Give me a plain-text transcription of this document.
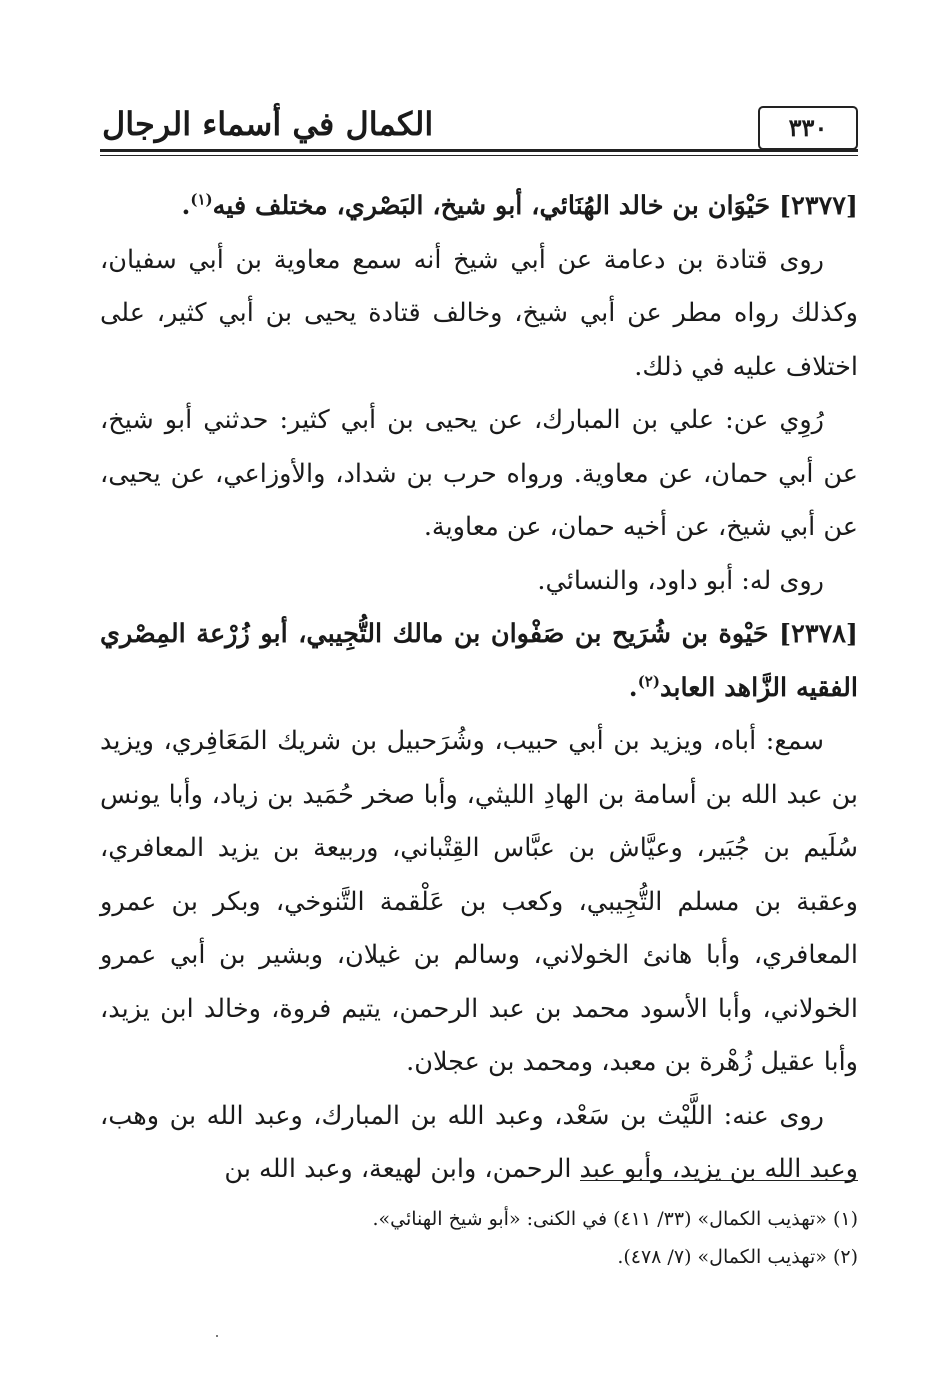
٣٣٠
الكمال في أسماء الرجال

[٢٣٧٧] حَيْوَان بن خالد الهُنَائي، أبو شيخ، البَصْري، مختلف فيه$^{(١)}$.

روى قتادة بن دعامة عن أبي شيخ أنه سمع معاوية بن أبي سفيان، وكذلك رواه مطر عن أبي شيخ، وخالف قتادة يحيى بن أبي كثير، على اختلاف عليه في ذلك.

رُوِي عن: علي بن المبارك، عن يحيى بن أبي كثير: حدثني أبو شيخ، عن أبي حمان، عن معاوية. ورواه حرب بن شداد، والأوزاعي، عن يحيى، عن أبي شيخ، عن أخيه حمان، عن معاوية.

روى له: أبو داود، والنسائي.

[٢٣٧٨] حَيْوة بن شُرَيح بن صَفْوان بن مالك التُّجِيبي، أبو زُرْعة المِصْري الفقيه الزَّاهد العابد$^{(٢)}$.

سمع: أباه، ويزيد بن أبي حبيب، وشُرَحبيل بن شريك المَعَافِري، ويزيد بن عبد الله بن أسامة بن الهادِ الليثي، وأبا صخر حُمَيد بن زياد، وأبا يونس سُلَيم بن جُبَير، وعيَّاش بن عبَّاس القِتْباني، وربيعة بن يزيد المعافري، وعقبة بن مسلم التُّجِيبي، وكعب بن عَلْقمة التَّنوخي، وبكر بن عمرو المعافري، وأبا هانئ الخولاني، وسالم بن غيلان، وبشير بن أبي عمرو الخولاني، وأبا الأسود محمد بن عبد الرحمن، يتيم فروة، وخالد ابن يزيد، وأبا عقيل زُهْرة بن معبد، ومحمد بن عجلان.

روى عنه: اللَّيْث بن سَعْد، وعبد الله بن المبارك، وعبد الله بن وهب، وعبد الله بن يزيد، وأبو عبد الرحمن، وابن لهيعة، وعبد الله بن

(١) «تهذيب الكمال» (٣٣/ ٤١١) في الكنى: «أبو شيخ الهنائي».

(٢) «تهذيب الكمال» (٧/ ٤٧٨).
